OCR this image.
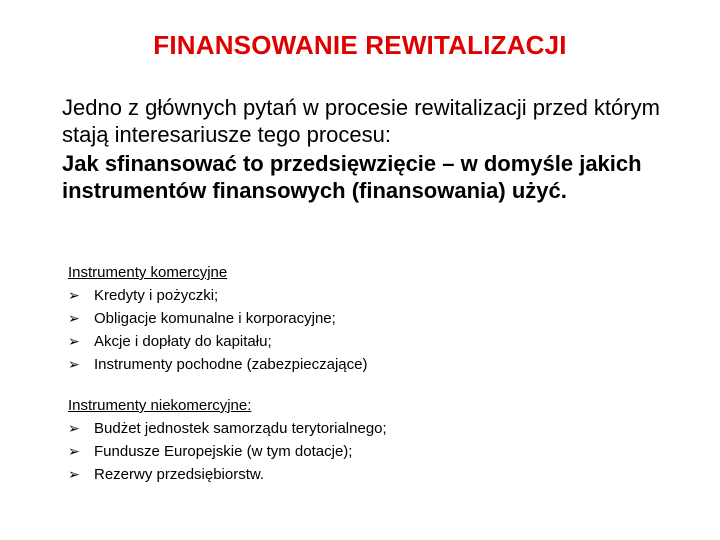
FINANSOWANIE REWITALIZACJI
Jedno z głównych pytań w procesie rewitalizacji przed którym stają interesariusze tego procesu:
Jak sfinansować to przedsięwzięcie – w domyśle jakich instrumentów finansowych (finansowania) użyć.
Instrumenty komercyjne
➢ Kredyty i pożyczki;
➢ Obligacje komunalne i korporacyjne;
➢ Akcje i dopłaty do kapitału;
➢ Instrumenty pochodne (zabezpieczające)
Instrumenty niekomercyjne:
➢ Budżet jednostek samorządu terytorialnego;
➢ Fundusze Europejskie (w tym dotacje);
➢ Rezerwy przedsiębiorstw.
